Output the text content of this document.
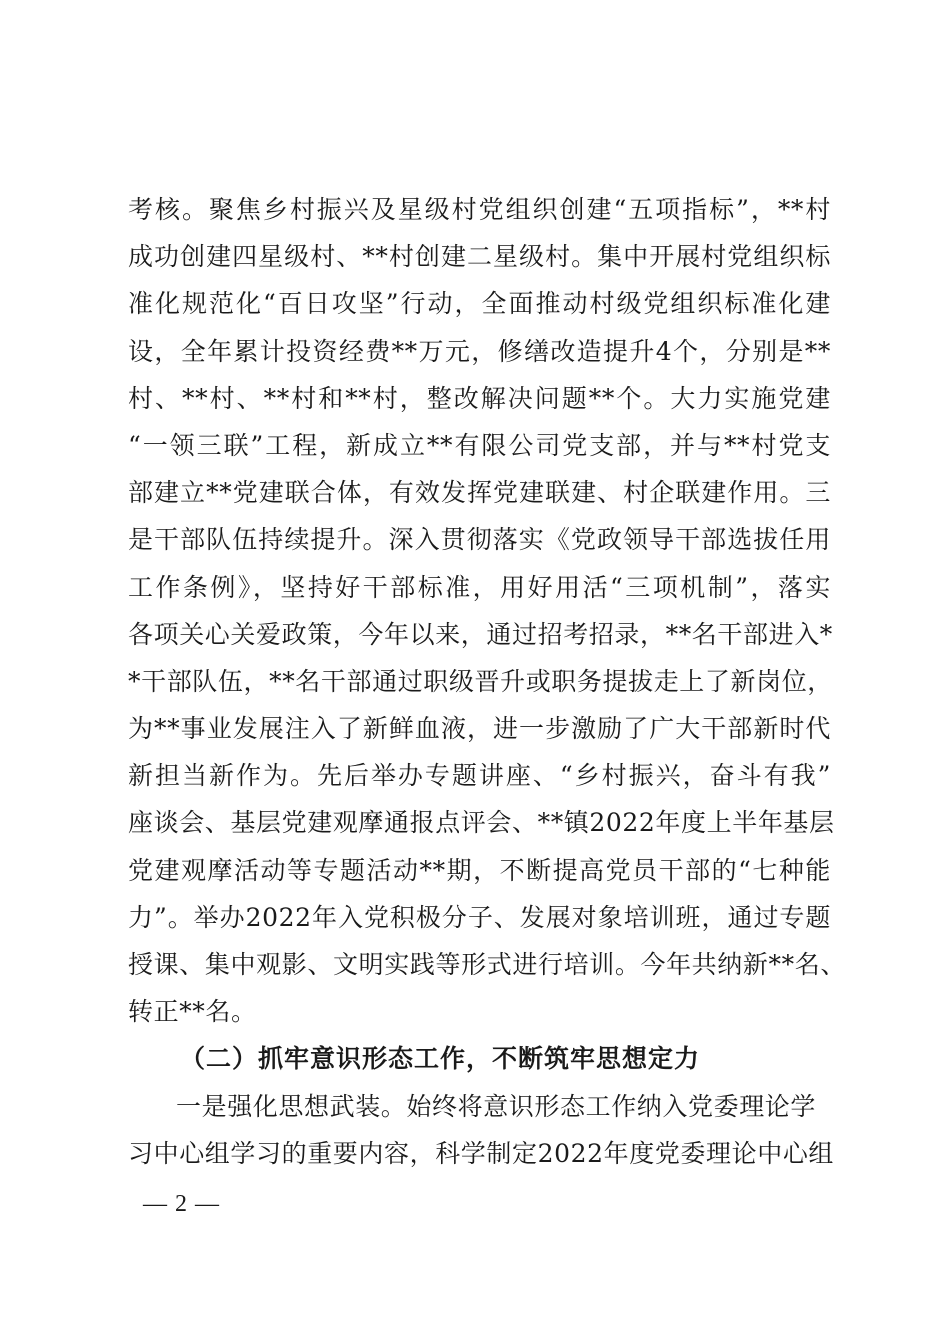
考核。聚焦乡村振兴及星级村党组织创建“五项指标”，**村
成功创建四星级村、**村创建二星级村。集中开展村党组织标
准化规范化“百日攻坚”行动，全面推动村级党组织标准化建
设，全年累计投资经费**万元，修缮改造提升4个，分别是**
村、**村、**村和**村，整改解决问题**个。大力实施党建
“一领三联”工程，新成立**有限公司党支部，并与**村党支
部建立**党建联合体，有效发挥党建联建、村企联建作用。三
是干部队伍持续提升。深入贯彻落实《党政领导干部选拔任用
工作条例》，坚持好干部标准，用好用活“三项机制”，落实
各项关心关爱政策，今年以来，通过招考招录，**名干部进入*
*干部队伍，**名干部通过职级晋升或职务提拔走上了新岗位，
为**事业发展注入了新鲜血液，进一步激励了广大干部新时代
新担当新作为。先后举办专题讲座、“乡村振兴，奋斗有我”
座谈会、基层党建观摩通报点评会、**镇2022年度上半年基层
党建观摩活动等专题活动**期，不断提高党员干部的“七种能
力”。举办2022年入党积极分子、发展对象培训班，通过专题
授课、集中观影、文明实践等形式进行培训。今年共纳新**名、
转正**名。
（二）抓牢意识形态工作，不断筑牢思想定力
一是强化思想武装。始终将意识形态工作纳入党委理论学
习中心组学习的重要内容，科学制定2022年度党委理论中心组
— 2 —
